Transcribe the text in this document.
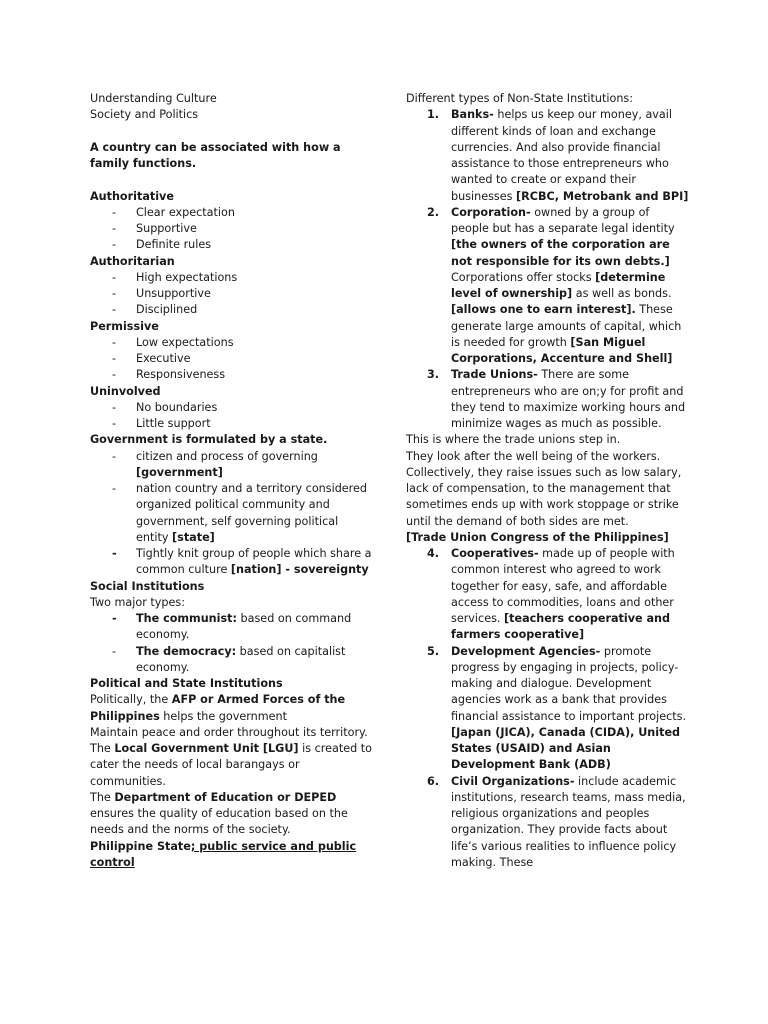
Understanding Culture

Society and Politics

A country can be associated with how a family functions.

Authoritative

- Clear expectation

- Supportive

- Definite rules

Authoritarian

- High expectations

- Unsupportive

- Disciplined

Permissive

- Low expectations

- Executive

- Responsiveness

Uninvolved

- No boundaries

- Little support

Government is formulated by a state.

- citizen and process of governing [government]

- nation country and a territory considered organized political community and government, self governing political entity [state]

- Tightly knit group of people which share a common culture [nation] - sovereignty

Social Institutions

Two major types:

- The communist: based on command economy.

- The democracy: based on capitalist economy.

Political and State Institutions

Politically, the AFP or Armed Forces of the Philippines helps the government

Maintain peace and order throughout its territory.

The Local Government Unit [LGU] is created to cater the needs of local barangays or communities.

The Department of Education or DEPED ensures the quality of education based on the needs and the norms of the society.

Philippine State; public service and public control

Different types of Non-State Institutions:

1. Banks- helps us keep our money, avail different kinds of loan and exchange currencies. And also provide financial assistance to those entrepreneurs who wanted to create or expand their businesses [RCBC, Metrobank and BPI]

2. Corporation- owned by a group of people but has a separate legal identity [the owners of the corporation are not responsible for its own debts.] Corporations offer stocks [determine level of ownership] as well as bonds. [allows one to earn interest]. These generate large amounts of capital, which is needed for growth [San Miguel Corporations, Accenture and Shell]

3. Trade Unions- There are some entrepreneurs who are on;y for profit and they tend to maximize working hours and minimize wages as much as possible.

This is where the trade unions step in.

They look after the well being of the workers. Collectively, they raise issues such as low salary, lack of compensation, to the management that sometimes ends up with work stoppage or strike until the demand of both sides are met.

[Trade Union Congress of the Philippines]

4. Cooperatives- made up of people with common interest who agreed to work together for easy, safe, and affordable access to commodities, loans and other services. [teachers cooperative and farmers cooperative]

5. Development Agencies- promote progress by engaging in projects, policy-making and dialogue. Development agencies work as a bank that provides financial assistance to important projects. [Japan (JICA), Canada (CIDA), United States (USAID) and Asian Development Bank (ADB)

6. Civil Organizations- include academic institutions, research teams, mass media, religious organizations and peoples organization. They provide facts about life’s various realities to influence policy making. These
